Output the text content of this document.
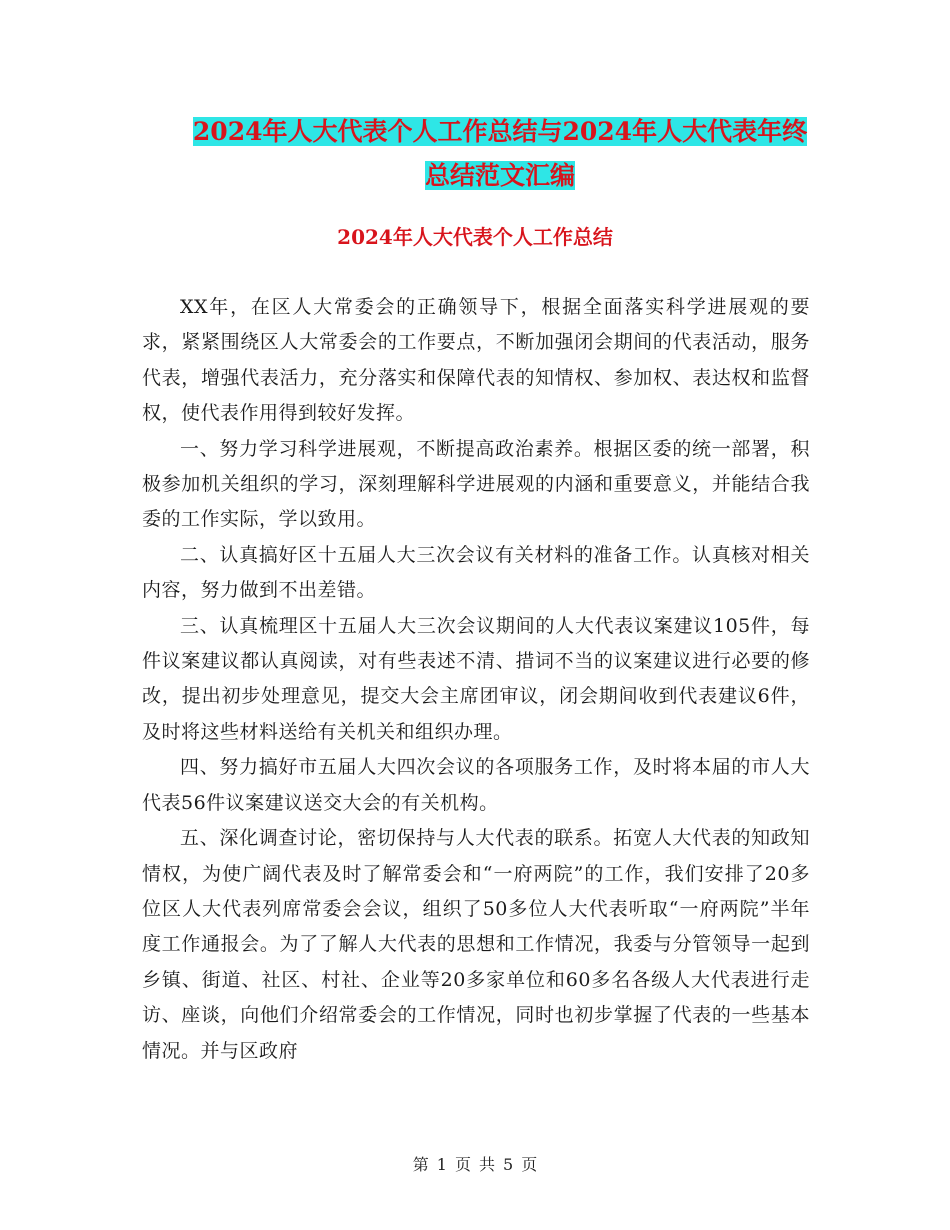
2024年人大代表个人工作总结与2024年人大代表年终
总结范文汇编
2024年人大代表个人工作总结

XX年，在区人大常委会的正确领导下，根据全面落实科学进展观的要求，紧紧围绕区人大常委会的工作要点，不断加强闭会期间的代表活动，服务代表，增强代表活力，充分落实和保障代表的知情权、参加权、表达权和监督权，使代表作用得到较好发挥。

一、努力学习科学进展观，不断提高政治素养。根据区委的统一部署，积极参加机关组织的学习，深刻理解科学进展观的内涵和重要意义，并能结合我委的工作实际，学以致用。

二、认真搞好区十五届人大三次会议有关材料的准备工作。认真核对相关内容，努力做到不出差错。

三、认真梳理区十五届人大三次会议期间的人大代表议案建议105件，每件议案建议都认真阅读，对有些表述不清、措词不当的议案建议进行必要的修改，提出初步处理意见，提交大会主席团审议，闭会期间收到代表建议6件，及时将这些材料送给有关机关和组织办理。

四、努力搞好市五届人大四次会议的各项服务工作，及时将本届的市人大代表56件议案建议送交大会的有关机构。

五、深化调查讨论，密切保持与人大代表的联系。拓宽人大代表的知政知情权，为使广阔代表及时了解常委会和“一府两院”的工作，我们安排了20多位区人大代表列席常委会会议，组织了50多位人大代表听取“一府两院”半年度工作通报会。为了了解人大代表的思想和工作情况，我委与分管领导一起到乡镇、街道、社区、村社、企业等20多家单位和60多名各级人大代表进行走访、座谈，向他们介绍常委会的工作情况，同时也初步掌握了代表的一些基本情况。并与区政府

第 1 页 共 5 页
